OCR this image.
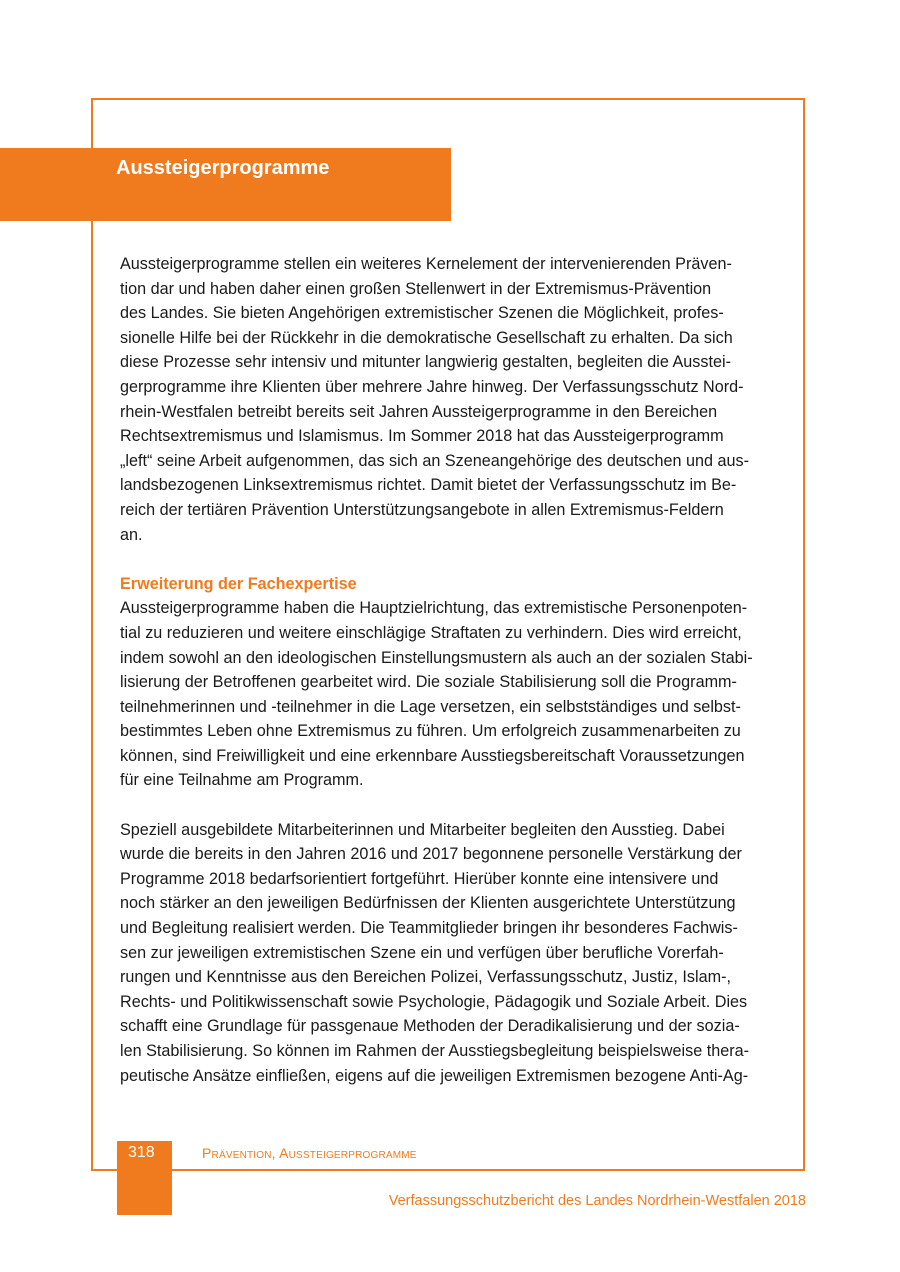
Aussteigerprogramme
Aussteigerprogramme stellen ein weiteres Kernelement der intervenierenden Präven-
tion dar und haben daher einen großen Stellenwert in der Extremismus-Prävention
des Landes. Sie bieten Angehörigen extremistischer Szenen die Möglichkeit, profes-
sionelle Hilfe bei der Rückkehr in die demokratische Gesellschaft zu erhalten. Da sich
diese Prozesse sehr intensiv und mitunter langwierig gestalten, begleiten die Ausstei-
gerprogramme ihre Klienten über mehrere Jahre hinweg. Der Verfassungsschutz Nord-
rhein-Westfalen betreibt bereits seit Jahren Aussteigerprogramme in den Bereichen
Rechtsextremismus und Islamismus. Im Sommer 2018 hat das Aussteigerprogramm
„left“ seine Arbeit aufgenommen, das sich an Szeneangehörige des deutschen und aus-
landsbezogenen Linksextremismus richtet. Damit bietet der Verfassungsschutz im Be-
reich der tertiären Prävention Unterstützungsangebote in allen Extremismus-Feldern
an.
Erweiterung der Fachexpertise
Aussteigerprogramme haben die Hauptzielrichtung, das extremistische Personenpoten-
tial zu reduzieren und weitere einschlägige Straftaten zu verhindern. Dies wird erreicht,
indem sowohl an den ideologischen Einstellungsmustern als auch an der sozialen Stabi-
lisierung der Betroffenen gearbeitet wird. Die soziale Stabilisierung soll die Programm-
teilnehmerinnen und -teilnehmer in die Lage versetzen, ein selbstständiges und selbst-
bestimmtes Leben ohne Extremismus zu führen. Um erfolgreich zusammenarbeiten zu
können, sind Freiwilligkeit und eine erkennbare Ausstiegsbereitschaft Voraussetzungen
für eine Teilnahme am Programm.
Speziell ausgebildete Mitarbeiterinnen und Mitarbeiter begleiten den Ausstieg. Dabei
wurde die bereits in den Jahren 2016 und 2017 begonnene personelle Verstärkung der
Programme 2018 bedarfsorientiert fortgeführt. Hierüber konnte eine intensivere und
noch stärker an den jeweiligen Bedürfnissen der Klienten ausgerichtete Unterstützung
und Begleitung realisiert werden. Die Teammitglieder bringen ihr besonderes Fachwis-
sen zur jeweiligen extremistischen Szene ein und verfügen über berufliche Vorerfah-
rungen und Kenntnisse aus den Bereichen Polizei, Verfassungsschutz, Justiz, Islam-,
Rechts- und Politikwissenschaft sowie Psychologie, Pädagogik und Soziale Arbeit. Dies
schafft eine Grundlage für passgenaue Methoden der Deradikalisierung und der sozia-
len Stabilisierung. So können im Rahmen der Ausstiegsbegleitung beispielsweise thera-
peutische Ansätze einfließen, eigens auf die jeweiligen Extremismen bezogene Anti-Ag-
318	Prävention, Aussteigerprogramme
Verfassungsschutzbericht des Landes Nordrhein-Westfalen 2018
